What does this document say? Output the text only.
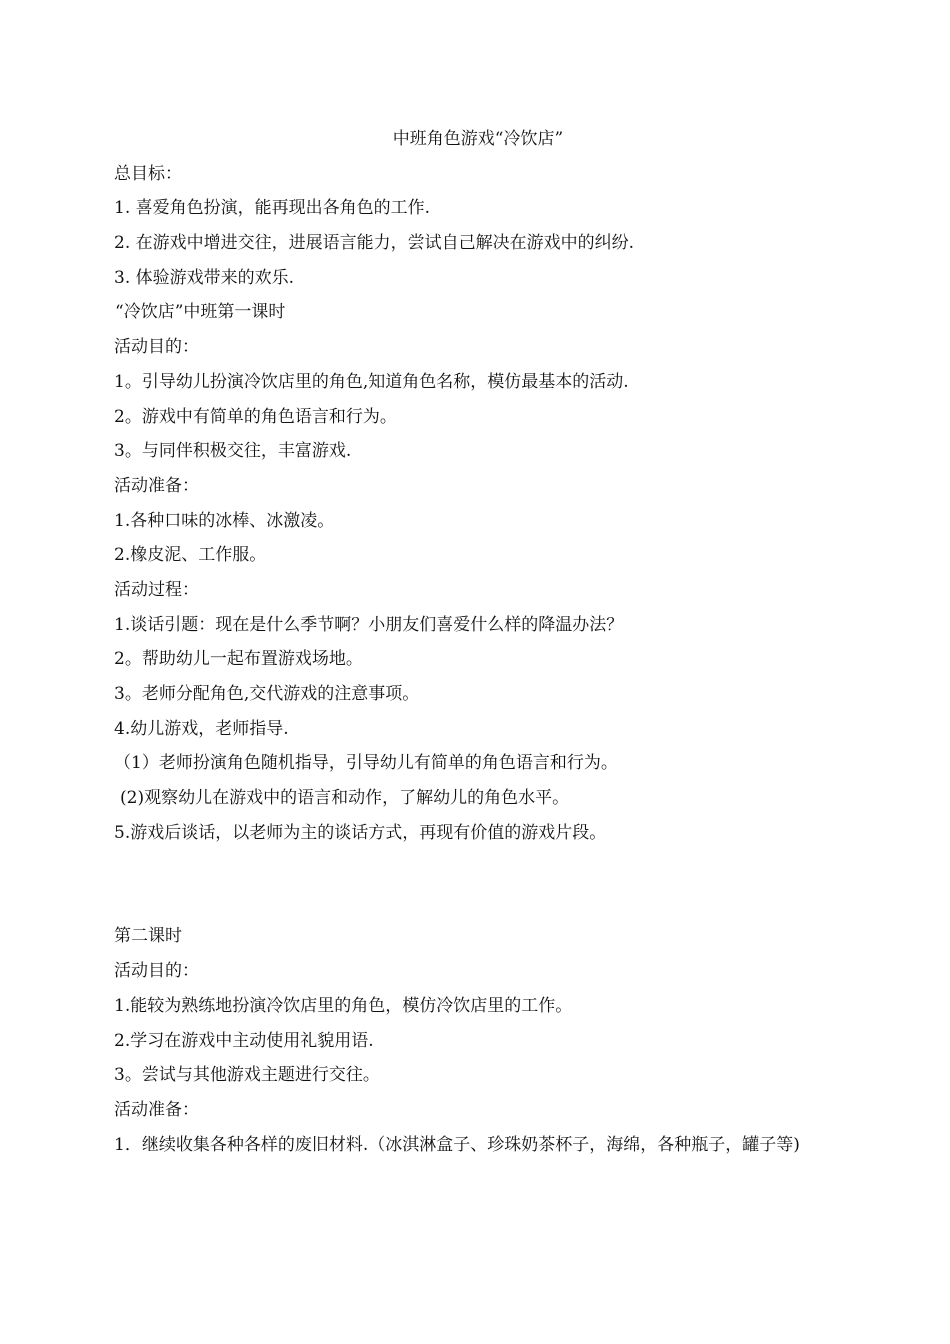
中班角色游戏“冷饮店”
总目标：
1. 喜爱角色扮演，能再现出各角色的工作.
2. 在游戏中增进交往，进展语言能力，尝试自己解决在游戏中的纠纷.
3. 体验游戏带来的欢乐.
“冷饮店”中班第一课时
活动目的：
1。引导幼儿扮演冷饮店里的角色,知道角色名称，模仿最基本的活动.
2。游戏中有简单的角色语言和行为。
3。与同伴积极交往，丰富游戏.
活动准备：
1.各种口味的冰棒、冰激凌。
2.橡皮泥、工作服。
活动过程：
1.谈话引题：现在是什么季节啊？小朋友们喜爱什么样的降温办法？
2。帮助幼儿一起布置游戏场地。
3。老师分配角色,交代游戏的注意事项。
4.幼儿游戏，老师指导.
（1）老师扮演角色随机指导，引导幼儿有简单的角色语言和行为。
(2)观察幼儿在游戏中的语言和动作，了解幼儿的角色水平。
5.游戏后谈话，以老师为主的谈话方式，再现有价值的游戏片段。
第二课时
活动目的：
1.能较为熟练地扮演冷饮店里的角色，模仿冷饮店里的工作。
2.学习在游戏中主动使用礼貌用语.
3。尝试与其他游戏主题进行交往。
活动准备：
1．继续收集各种各样的废旧材料.（冰淇淋盒子、珍珠奶茶杯子，海绵，各种瓶子，罐子等)
